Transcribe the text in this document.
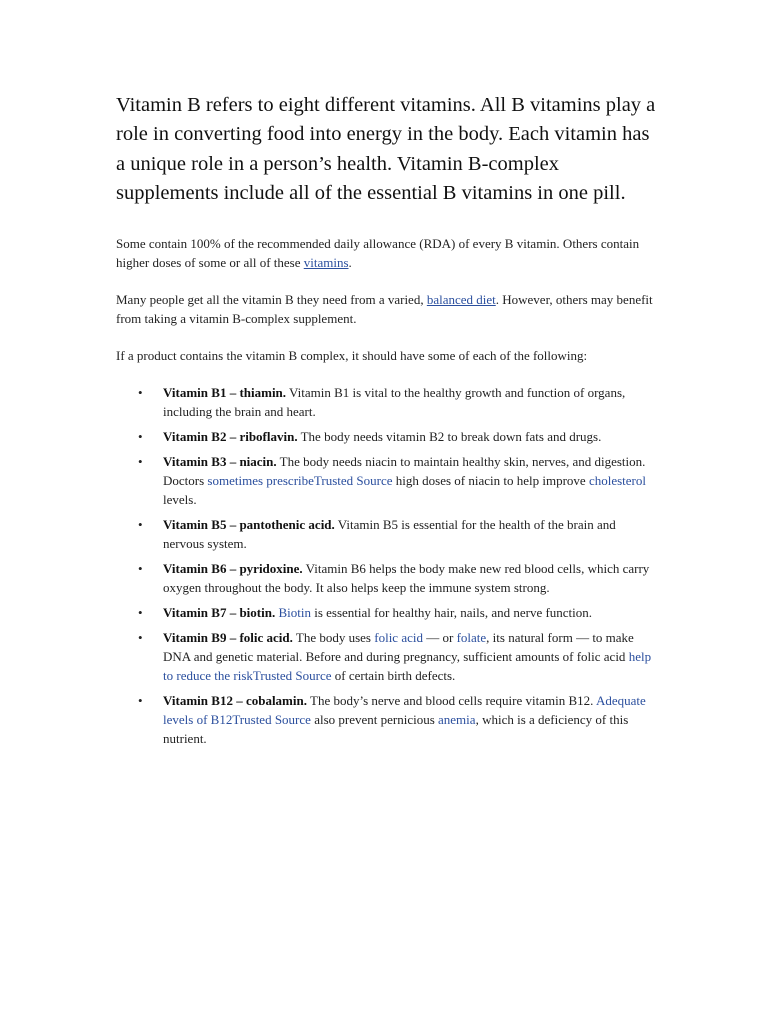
Vitamin B refers to eight different vitamins. All B vitamins play a role in converting food into energy in the body. Each vitamin has a unique role in a person’s health. Vitamin B-complex supplements include all of the essential B vitamins in one pill.

Some contain 100% of the recommended daily allowance (RDA) of every B vitamin. Others contain higher doses of some or all of these vitamins.

Many people get all the vitamin B they need from a varied, balanced diet. However, others may benefit from taking a vitamin B-complex supplement.

If a product contains the vitamin B complex, it should have some of each of the following:

• Vitamin B1 – thiamin. Vitamin B1 is vital to the healthy growth and function of organs, including the brain and heart.
• Vitamin B2 – riboflavin. The body needs vitamin B2 to break down fats and drugs.
• Vitamin B3 – niacin. The body needs niacin to maintain healthy skin, nerves, and digestion. Doctors sometimes prescribeTrusted Source high doses of niacin to help improve cholesterol levels.
• Vitamin B5 – pantothenic acid. Vitamin B5 is essential for the health of the brain and nervous system.
• Vitamin B6 – pyridoxine. Vitamin B6 helps the body make new red blood cells, which carry oxygen throughout the body. It also helps keep the immune system strong.
• Vitamin B7 – biotin. Biotin is essential for healthy hair, nails, and nerve function.
• Vitamin B9 – folic acid. The body uses folic acid — or folate, its natural form — to make DNA and genetic material. Before and during pregnancy, sufficient amounts of folic acid help to reduce the riskTrusted Source of certain birth defects.
• Vitamin B12 – cobalamin. The body’s nerve and blood cells require vitamin B12. Adequate levels of B12Trusted Source also prevent pernicious anemia, which is a deficiency of this nutrient.
